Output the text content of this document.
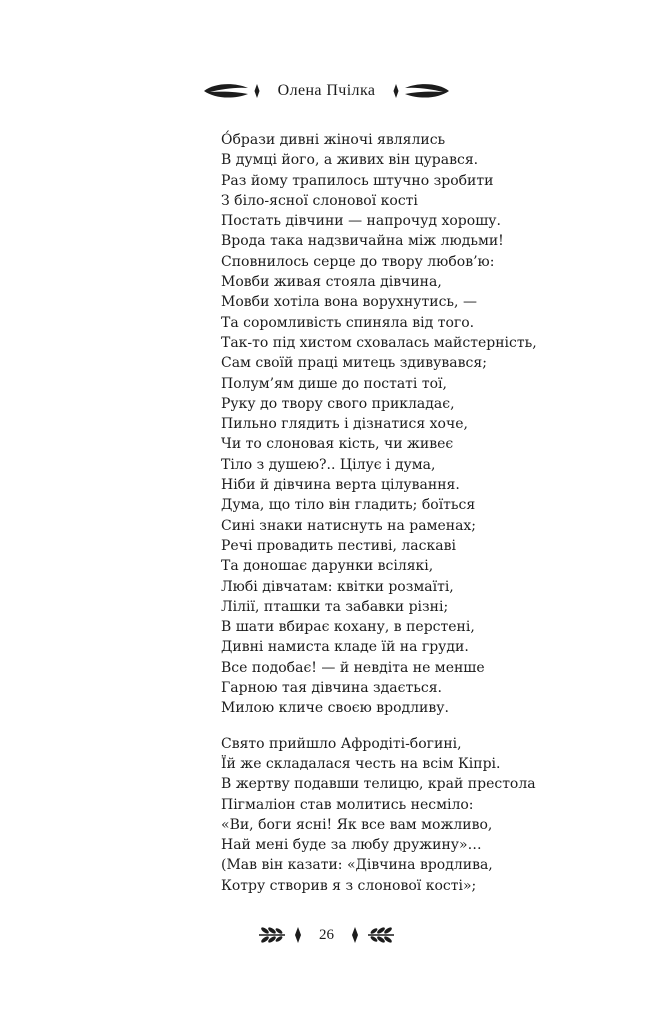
Олена Пчілка
О́брази дивні жіночі являлись
В думці його, а живих він цурався.
Раз йому трапилось штучно зробити
З біло-ясної слонової кості
Постать дівчини — напрочуд хорошу.
Врода така надзвичайна між людьми!
Сповнилось серце до твору любов’ю:
Мовби живая стояла дівчина,
Мовби хотіла вона ворухнутись, —
Та соромливість спиняла від того.
Так-то під хистом сховалась майстерність,
Сам своїй праці митець здивувався;
Полум’ям дише до постаті тої,
Руку до твору свого прикладає,
Пильно глядить і дізнатися хоче,
Чи то слоновая кість, чи живеє
Тіло з душею?.. Цілує і дума,
Ніби й дівчина верта цілування.
Дума, що тіло він гладить; боїться
Сині знаки натиснуть на раменах;
Речі провадить пестиві, ласкаві
Та доношає дарунки всілякі,
Любі дівчатам: квітки розмаїті,
Лілії, пташки та забавки різні;
В шати вбирає кохану, в перстені,
Дивні намиста кладе їй на груди.
Все подобає! — й невдіта не менше
Гарною тая дівчина здається.
Милою кличе своєю вродливу.
Свято прийшло Афродіті-богині,
Їй же складалася честь на всім Кіпрі.
В жертву подавши телицю, край престола
Пігмаліон став молитись несміло:
«Ви, боги ясні! Як все вам можливо,
Най мені буде за любу дружину»…
(Мав він казати: «Дівчина вродлива,
Котру створив я з слонової кості»;
26
